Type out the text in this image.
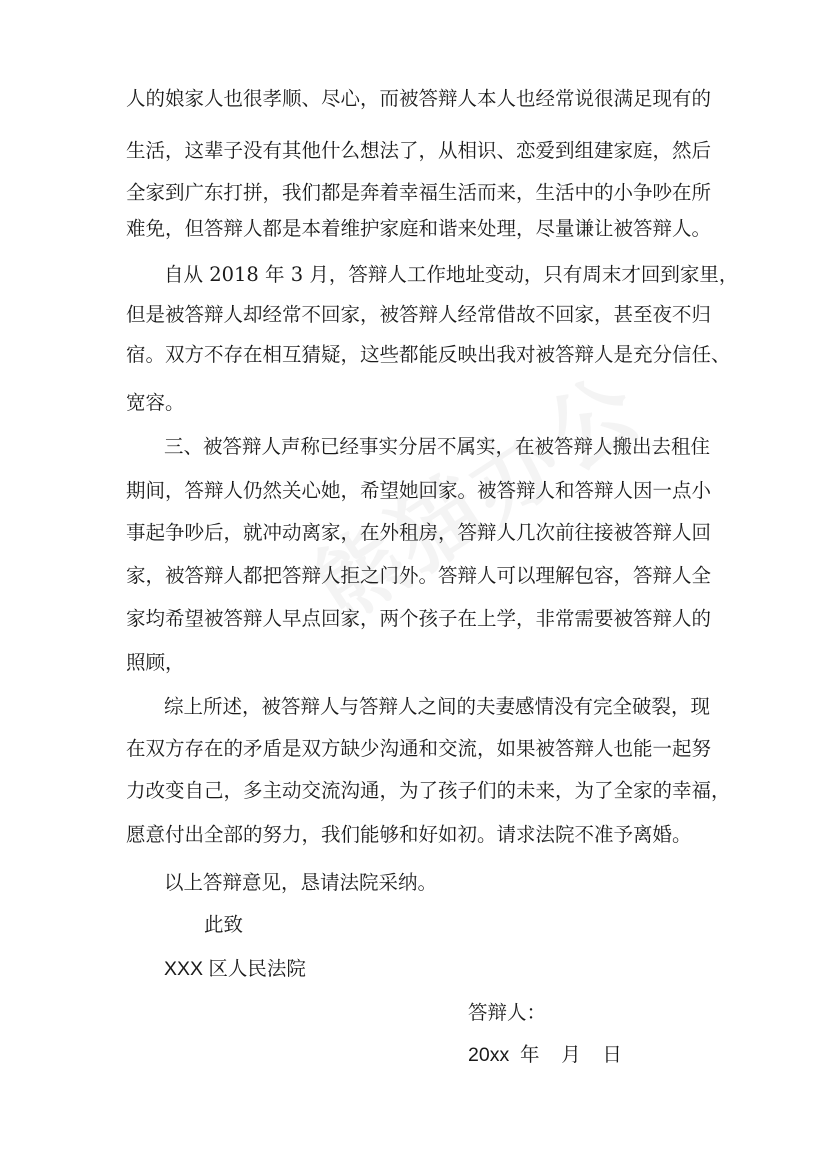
人的娘家人也很孝顺、尽心，而被答辩人本人也经常说很满足现有的
生活，这辈子没有其他什么想法了，从相识、恋爱到组建家庭，然后
全家到广东打拼，我们都是奔着幸福生活而来，生活中的小争吵在所
难免，但答辩人都是本着维护家庭和谐来处理，尽量谦让被答辩人。
自从 2018 年 3 月，答辩人工作地址变动，只有周末才回到家里，
但是被答辩人却经常不回家，被答辩人经常借故不回家，甚至夜不归
宿。双方不存在相互猜疑，这些都能反映出我对被答辩人是充分信任、
宽容。
三、被答辩人声称已经事实分居不属实，在被答辩人搬出去租住
期间，答辩人仍然关心她，希望她回家。被答辩人和答辩人因一点小
事起争吵后，就冲动离家，在外租房，答辩人几次前往接被答辩人回
家，被答辩人都把答辩人拒之门外。答辩人可以理解包容，答辩人全
家均希望被答辩人早点回家，两个孩子在上学，非常需要被答辩人的
照顾，
综上所述，被答辩人与答辩人之间的夫妻感情没有完全破裂，现
在双方存在的矛盾是双方缺少沟通和交流，如果被答辩人也能一起努
力改变自己，多主动交流沟通，为了孩子们的未来，为了全家的幸福，
愿意付出全部的努力，我们能够和好如初。请求法院不准予离婚。
以上答辩意见，恳请法院采纳。
此致
XXX 区人民法院
答辩人：
20xx  年    月    日
